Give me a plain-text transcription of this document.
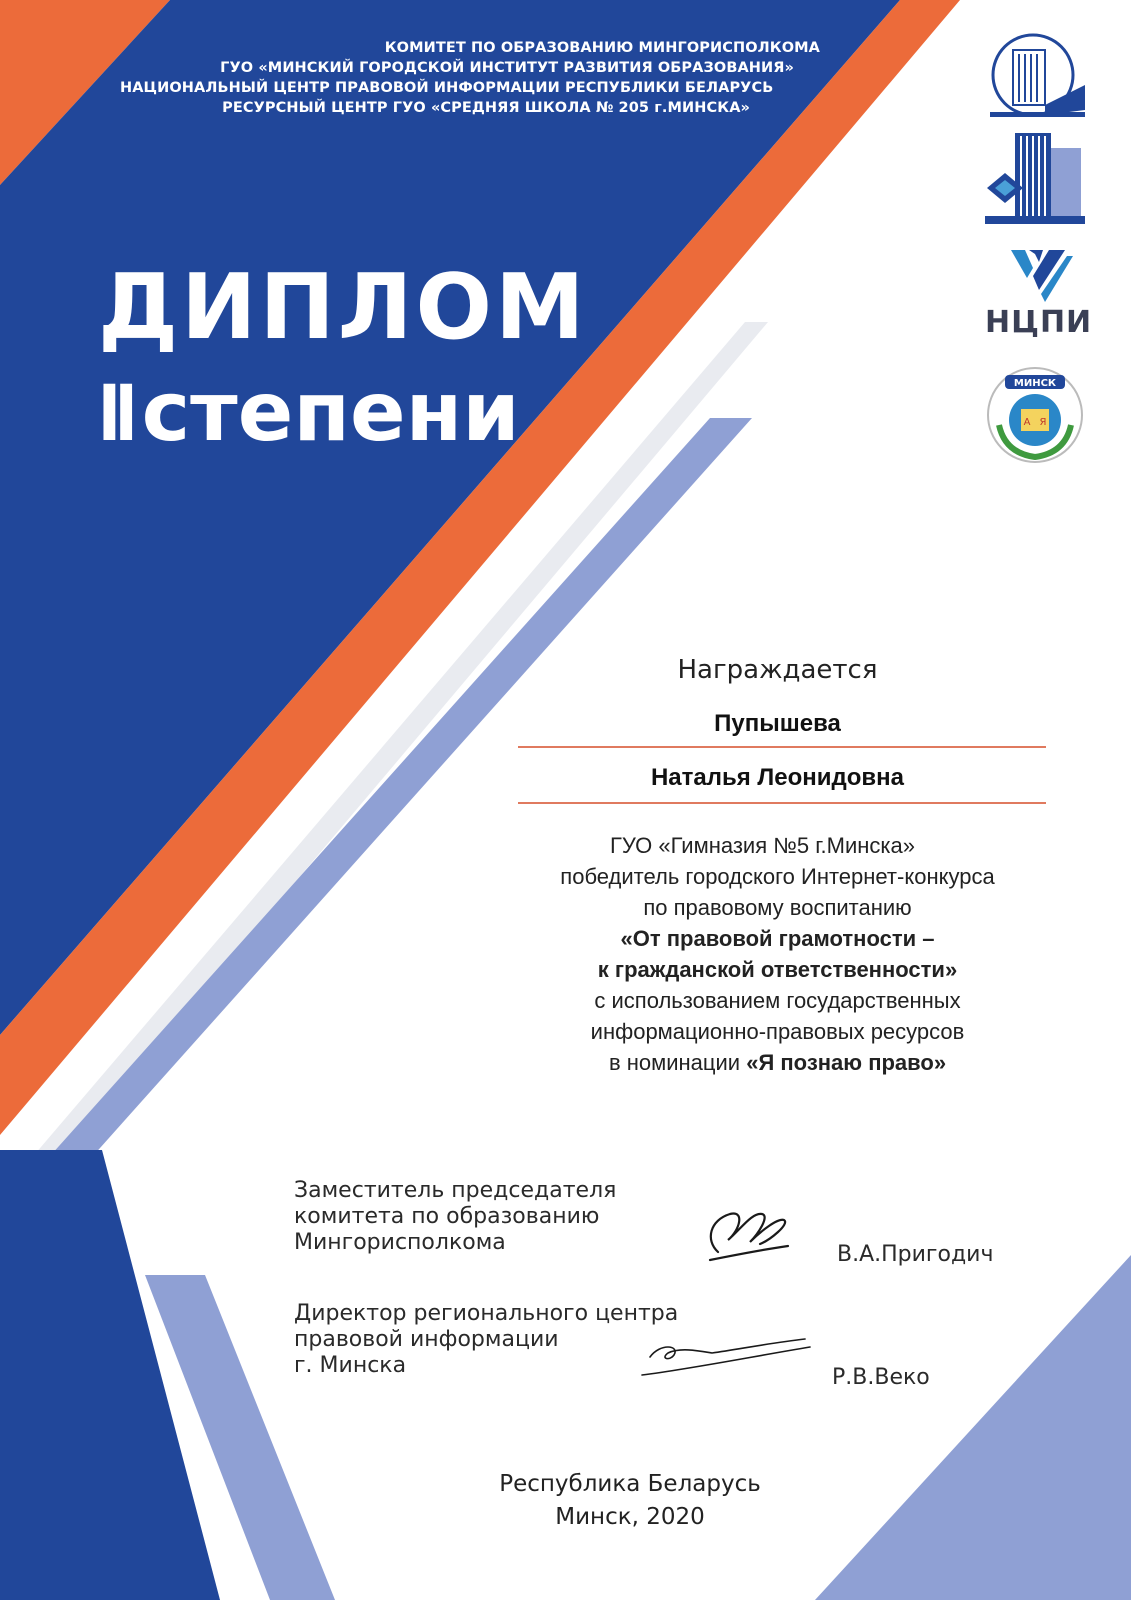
КОМИТЕТ ПО ОБРАЗОВАНИЮ МИНГОРИСПОЛКОМА
ГУО «МИНСКИЙ ГОРОДСКОЙ ИНСТИТУТ РАЗВИТИЯ ОБРАЗОВАНИЯ»
НАЦИОНАЛЬНЫЙ ЦЕНТР ПРАВОВОЙ ИНФОРМАЦИИ РЕСПУБЛИКИ БЕЛАРУСЬ
РЕСУРСНЫЙ ЦЕНТР ГУО «СРЕДНЯЯ ШКОЛА № 205 г.МИНСКА»
ДИПЛОМ
II степени
НЦПИ
МИНСК
А Я
Награждается
Пупышева
Наталья Леонидовна
ГУО «Гимназия №5 г.Минска»
победитель городского Интернет-конкурса
по правовому воспитанию
«От правовой грамотности –
к гражданской ответственности»
с использованием государственных
информационно-правовых ресурсов
в номинации «Я познаю право»
Заместитель председателя
комитета по образованию
Мингорисполкома	В.А.Пригодич
Директор регионального центра
правовой информации
г. Минска	Р.В.Веко
Республика Беларусь
Минск, 2020
